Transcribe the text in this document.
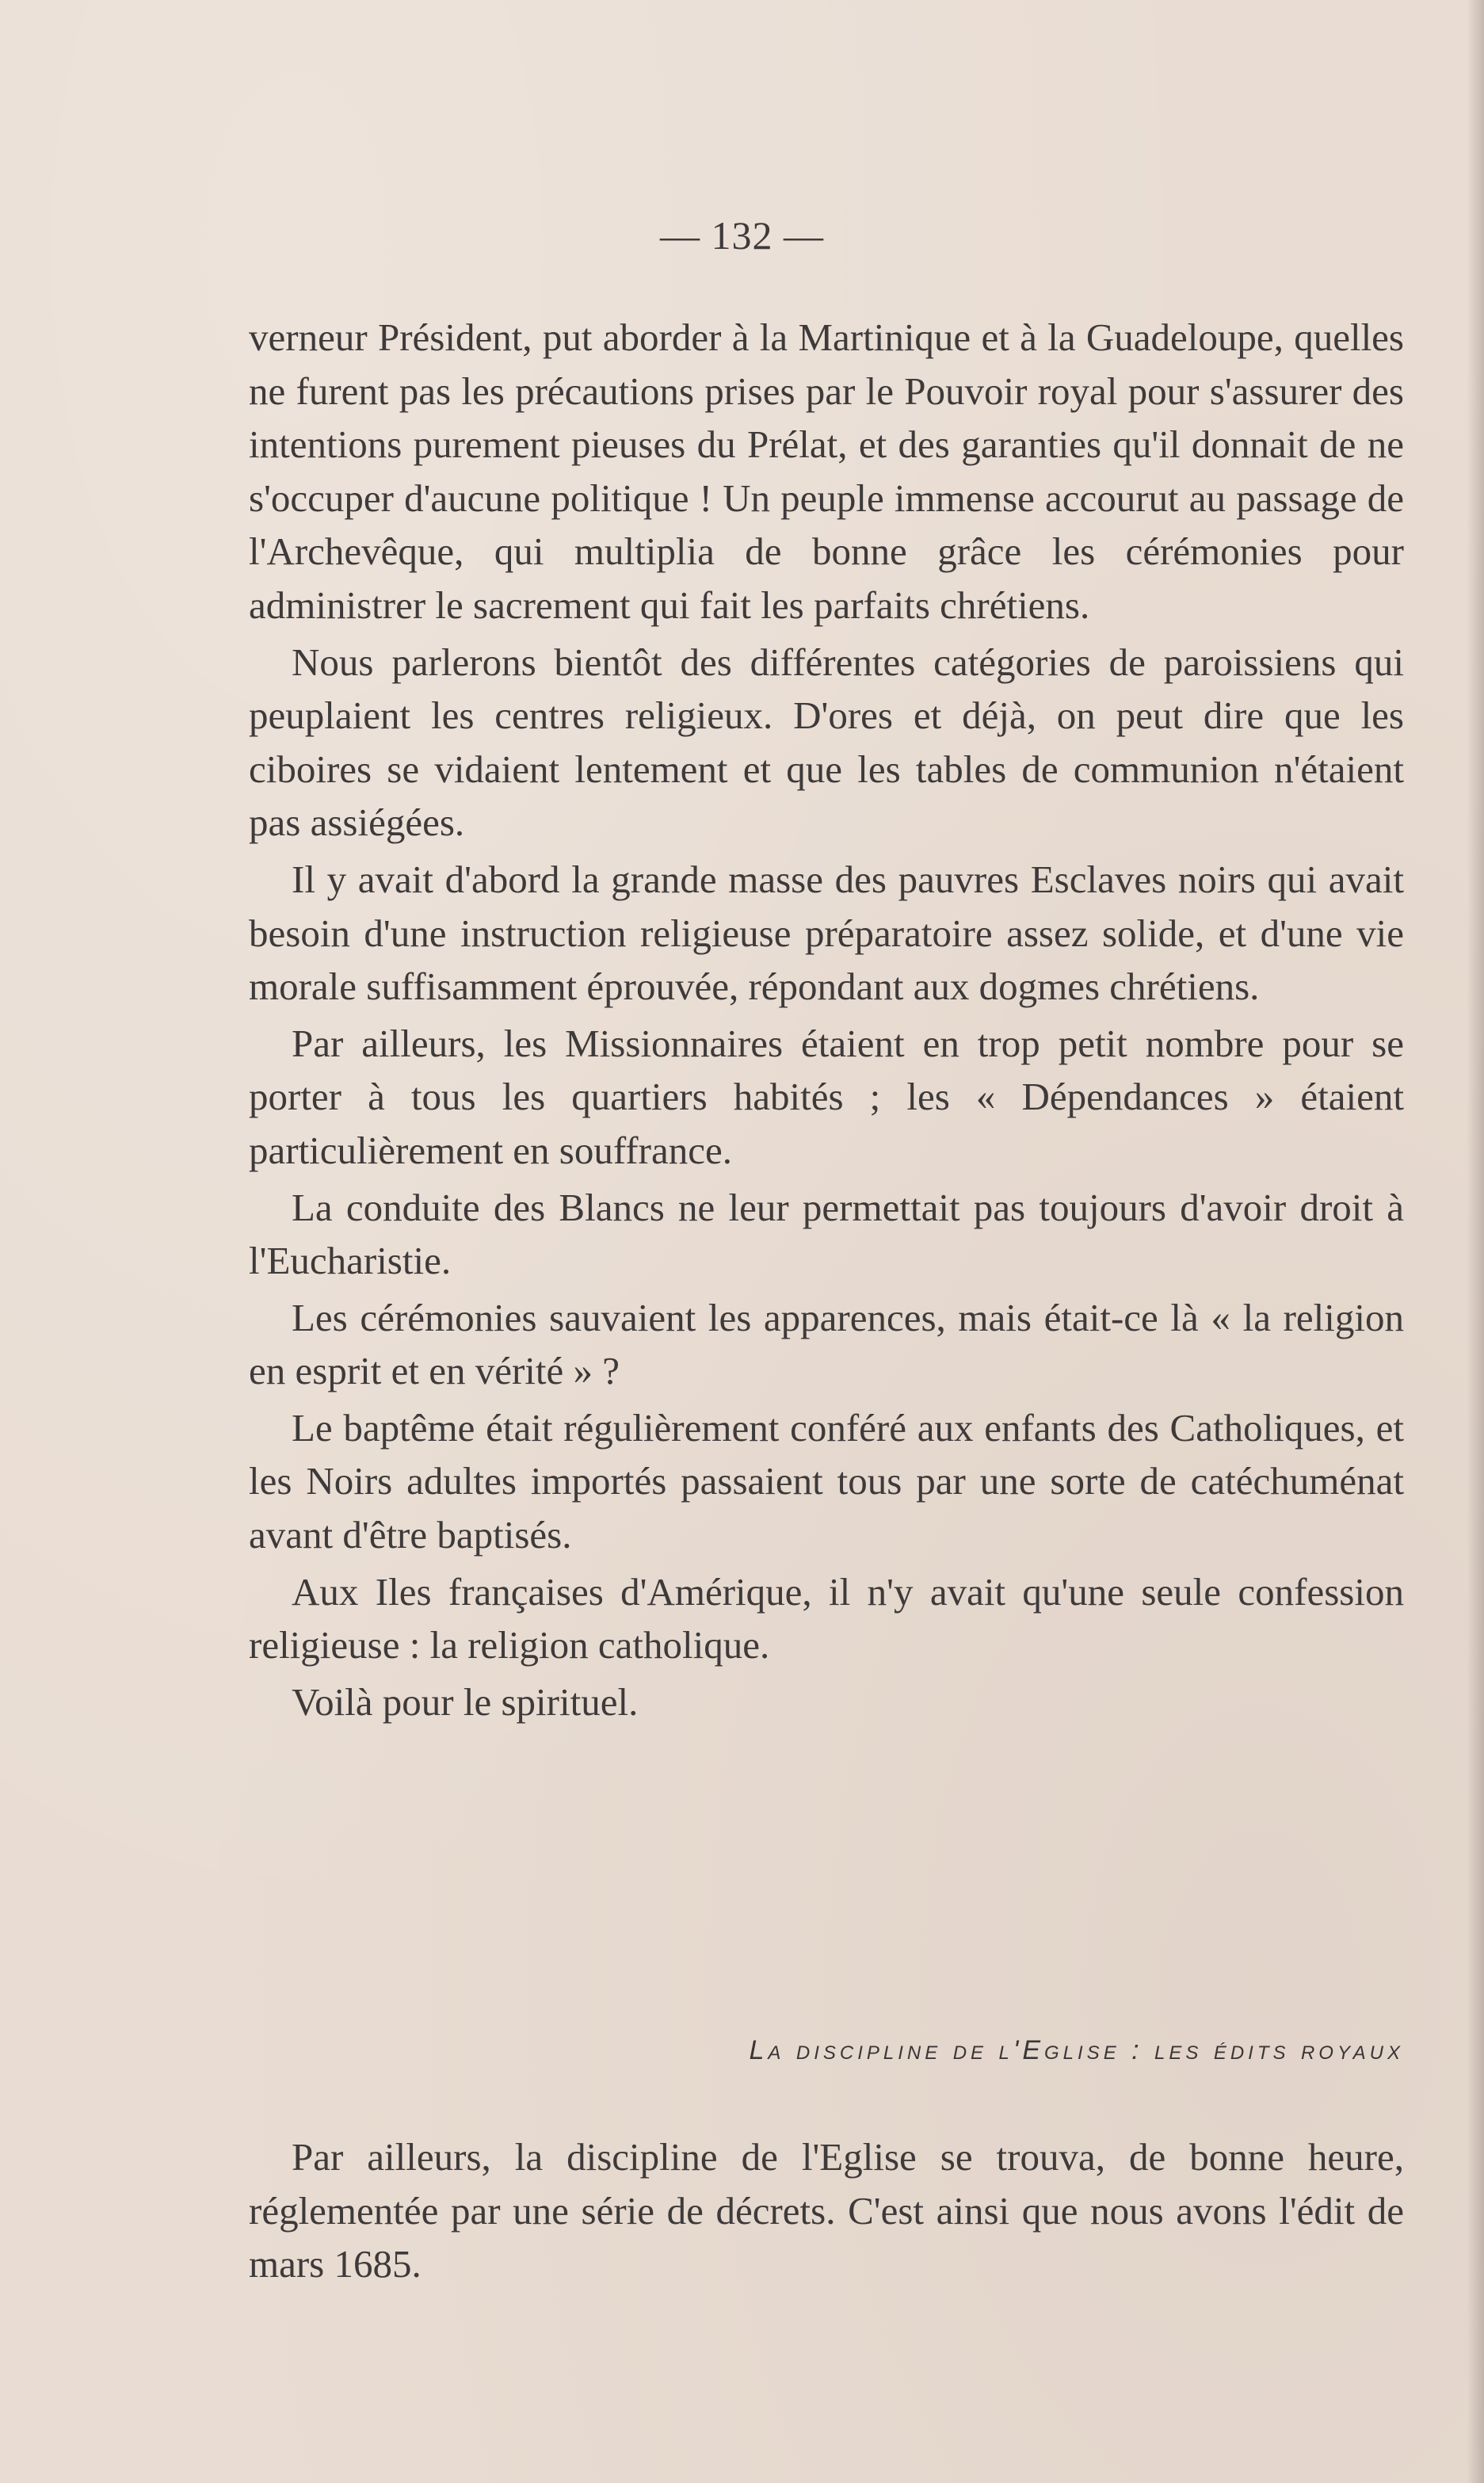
— 132 —

verneur Président, put aborder à la Martinique et à la Guadeloupe, quelles ne furent pas les précautions prises par le Pouvoir royal pour s'assurer des intentions purement pieuses du Prélat, et des garanties qu'il donnait de ne s'occuper d'aucune politique ! Un peuple immense accourut au passage de l'Archevêque, qui multiplia de bonne grâce les cérémonies pour administrer le sacrement qui fait les parfaits chrétiens.

Nous parlerons bientôt des différentes catégories de paroissiens qui peuplaient les centres religieux. D'ores et déjà, on peut dire que les ciboires se vidaient lentement et que les tables de communion n'étaient pas assiégées.

Il y avait d'abord la grande masse des pauvres Esclaves noirs qui avait besoin d'une instruction religieuse préparatoire assez solide, et d'une vie morale suffisamment éprouvée, répondant aux dogmes chrétiens.

Par ailleurs, les Missionnaires étaient en trop petit nombre pour se porter à tous les quartiers habités ; les « Dépendances » étaient particulièrement en souffrance.

La conduite des Blancs ne leur permettait pas toujours d'avoir droit à l'Eucharistie.

Les cérémonies sauvaient les apparences, mais était-ce là « la religion en esprit et en vérité » ?

Le baptême était régulièrement conféré aux enfants des Catholiques, et les Noirs adultes importés passaient tous par une sorte de catéchuménat avant d'être baptisés.

Aux Iles françaises d'Amérique, il n'y avait qu'une seule confession religieuse : la religion catholique.

Voilà pour le spirituel.

La discipline de l'Eglise : les édits royaux

Par ailleurs, la discipline de l'Eglise se trouva, de bonne heure, réglementée par une série de décrets. C'est ainsi que nous avons l'édit de mars 1685.
